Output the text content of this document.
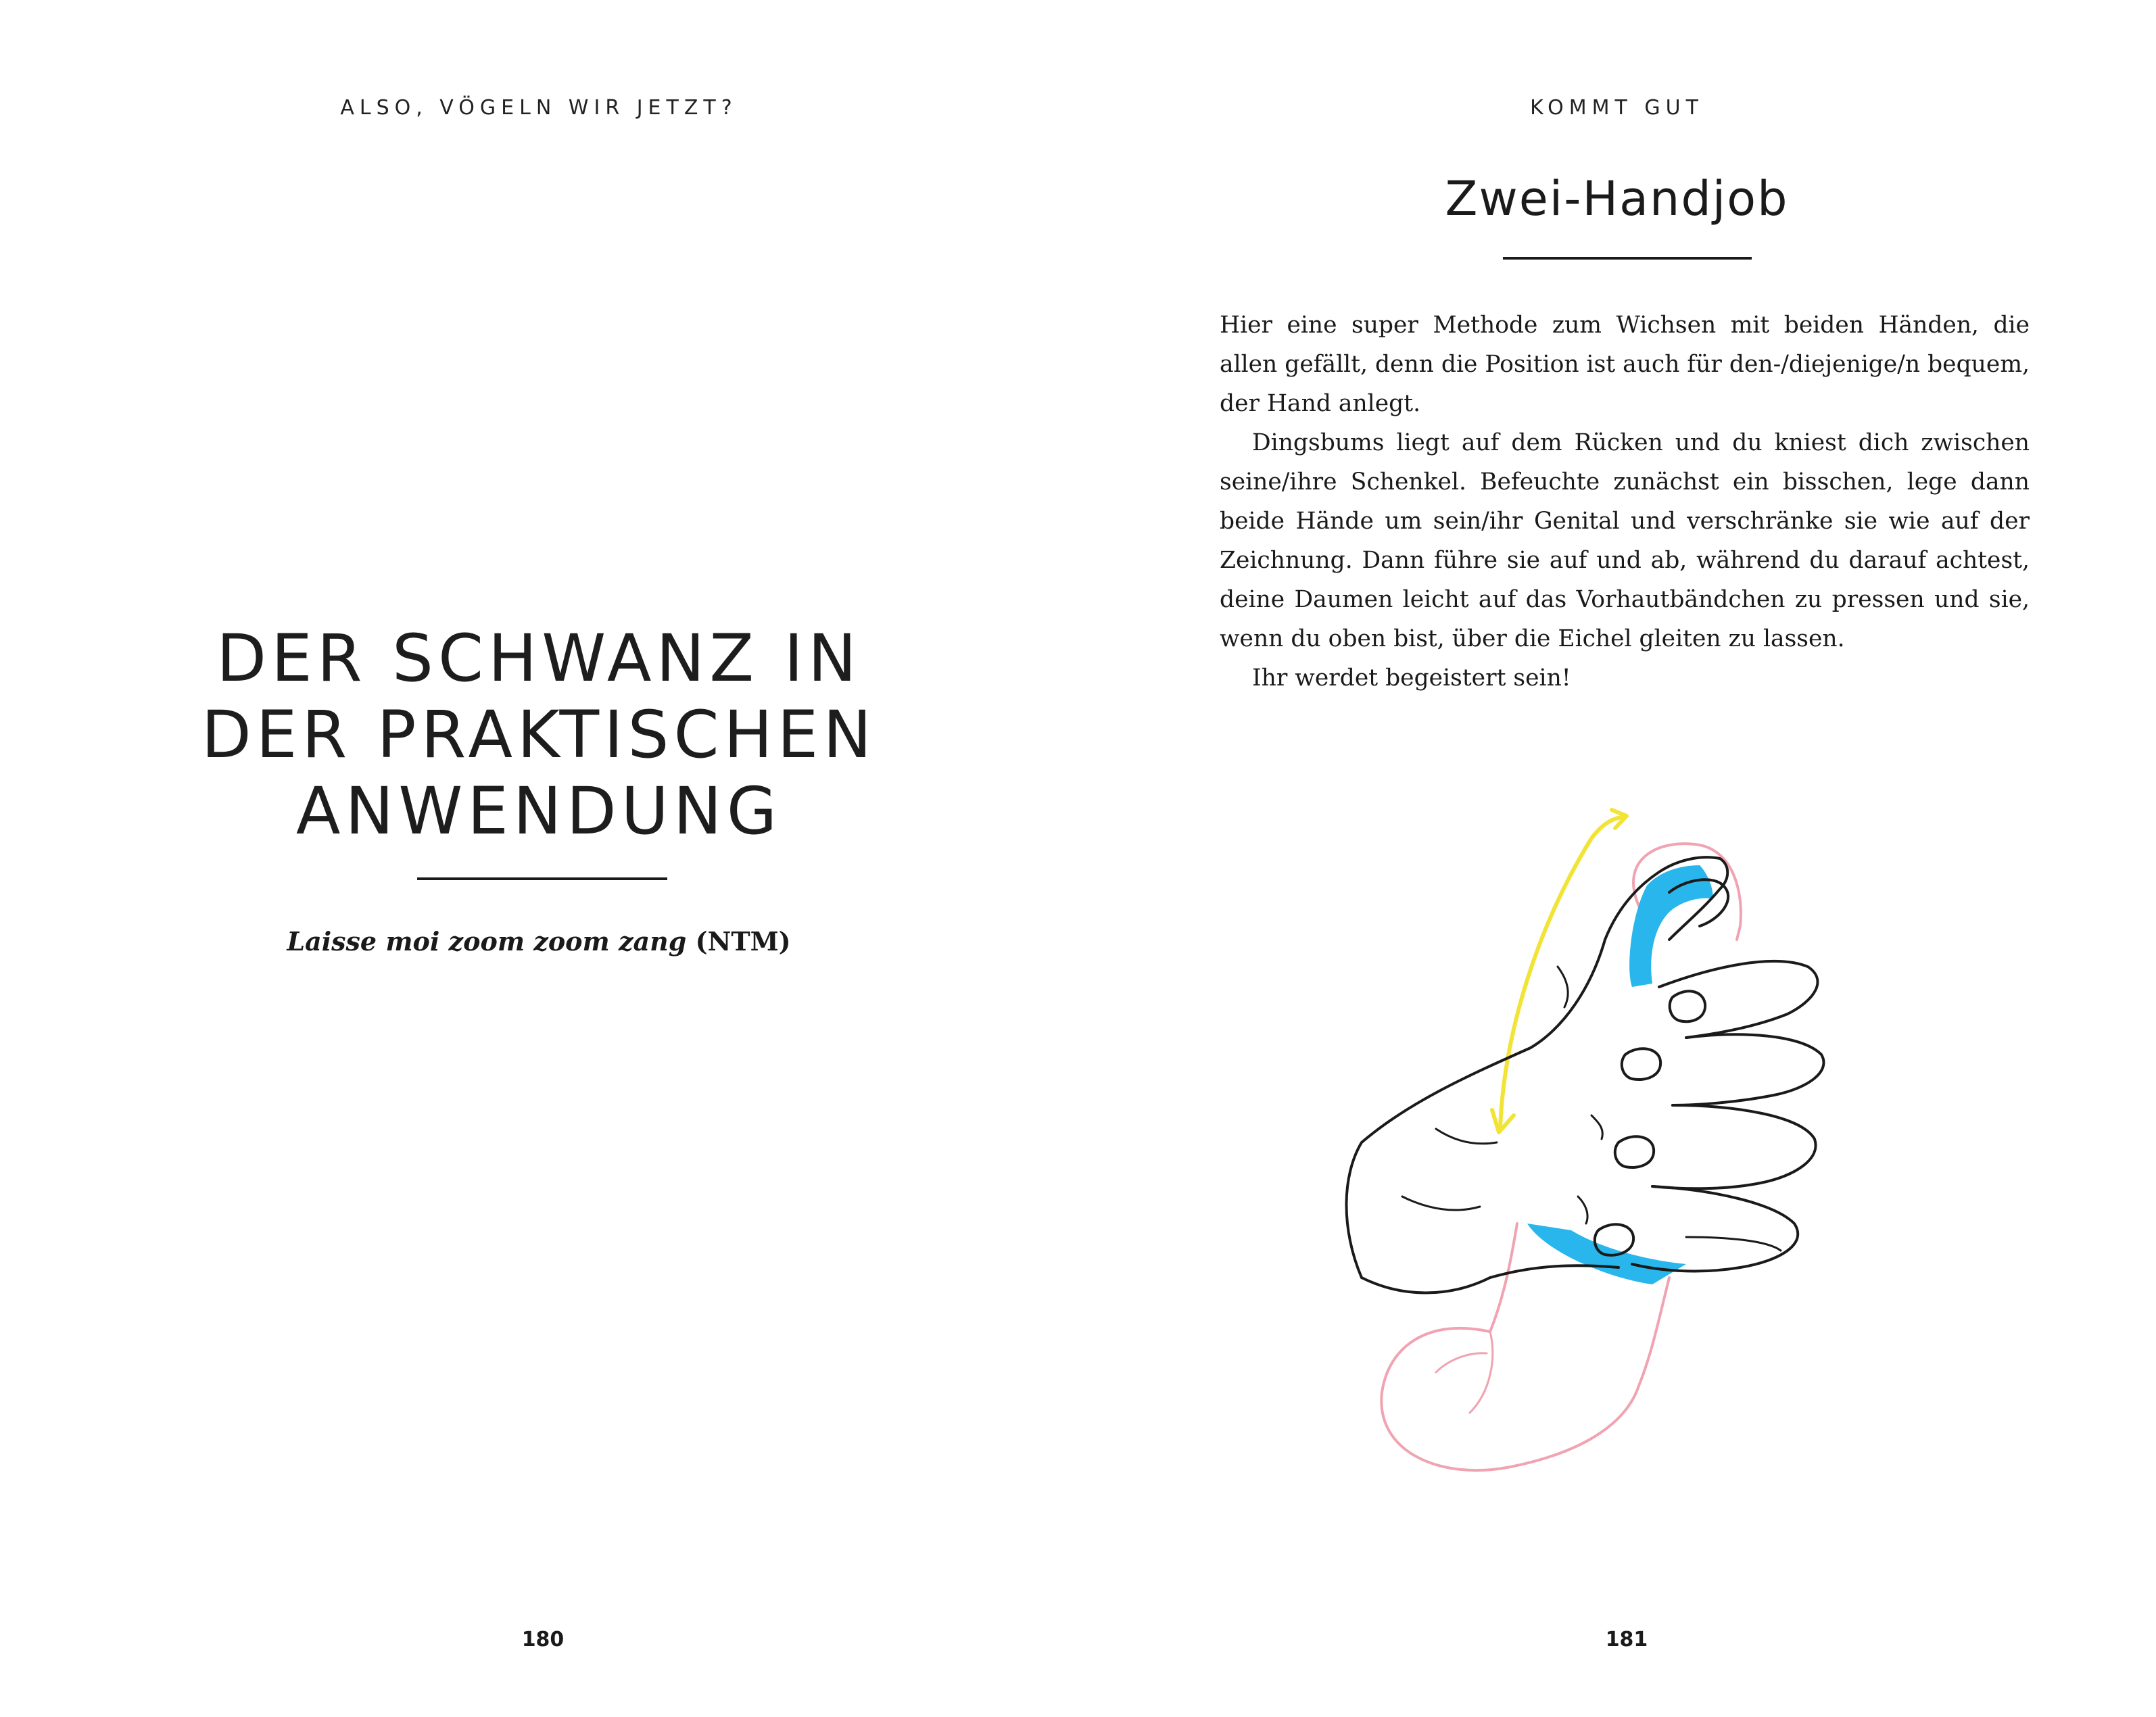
ALSO, VÖGELN WIR JETZT?
DER SCHWANZ IN
DER PRAKTISCHEN
ANWENDUNG
Laisse moi zoom zoom zang (NTM)
180
KOMMT GUT
Zwei-Handjob

Hier eine super Methode zum Wichsen mit beiden Händen, die allen gefällt, denn die Position ist auch für den-/diejenige/n bequem, der Hand anlegt.

Dingsbums liegt auf dem Rücken und du kniest dich zwischen seine/ihre Schenkel. Befeuchte zunächst ein bisschen, lege dann beide Hände um sein/ihr Genital und verschränke sie wie auf der Zeichnung. Dann führe sie auf und ab, während du darauf achtest, deine Daumen leicht auf das Vorhautbändchen zu pressen und sie, wenn du oben bist, über die Eichel gleiten zu lassen.

Ihr werdet begeistert sein!

181
